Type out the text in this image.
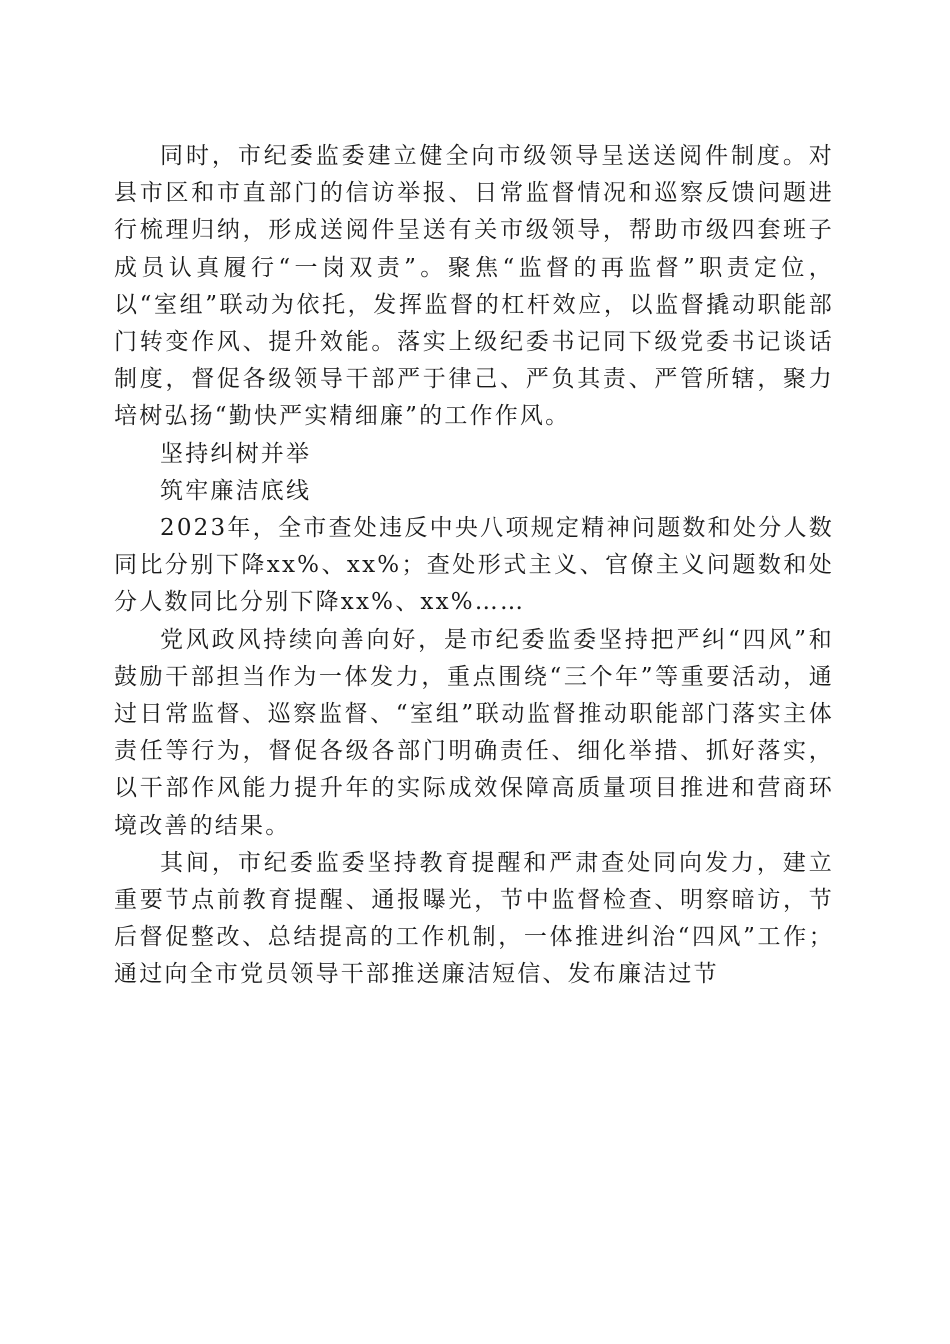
同时，市纪委监委建立健全向市级领导呈送送阅件制度。对县市区和市直部门的信访举报、日常监督情况和巡察反馈问题进行梳理归纳，形成送阅件呈送有关市级领导，帮助市级四套班子成员认真履行“一岗双责”。聚焦“监督的再监督”职责定位，以“室组”联动为依托，发挥监督的杠杆效应，以监督撬动职能部门转变作风、提升效能。落实上级纪委书记同下级党委书记谈话制度，督促各级领导干部严于律己、严负其责、严管所辖，聚力培树弘扬“勤快严实精细廉”的工作作风。

坚持纠树并举

筑牢廉洁底线

2023年，全市查处违反中央八项规定精神问题数和处分人数同比分别下降xx%、xx%；查处形式主义、官僚主义问题数和处分人数同比分别下降xx%、xx%……

党风政风持续向善向好，是市纪委监委坚持把严纠“四风”和鼓励干部担当作为一体发力，重点围绕“三个年”等重要活动，通过日常监督、巡察监督、“室组”联动监督推动职能部门落实主体责任等行为，督促各级各部门明确责任、细化举措、抓好落实，以干部作风能力提升年的实际成效保障高质量项目推进和营商环境改善的结果。

其间，市纪委监委坚持教育提醒和严肃查处同向发力，建立重要节点前教育提醒、通报曝光，节中监督检查、明察暗访，节后督促整改、总结提高的工作机制，一体推进纠治“四风”工作；通过向全市党员领导干部推送廉洁短信、发布廉洁过节
